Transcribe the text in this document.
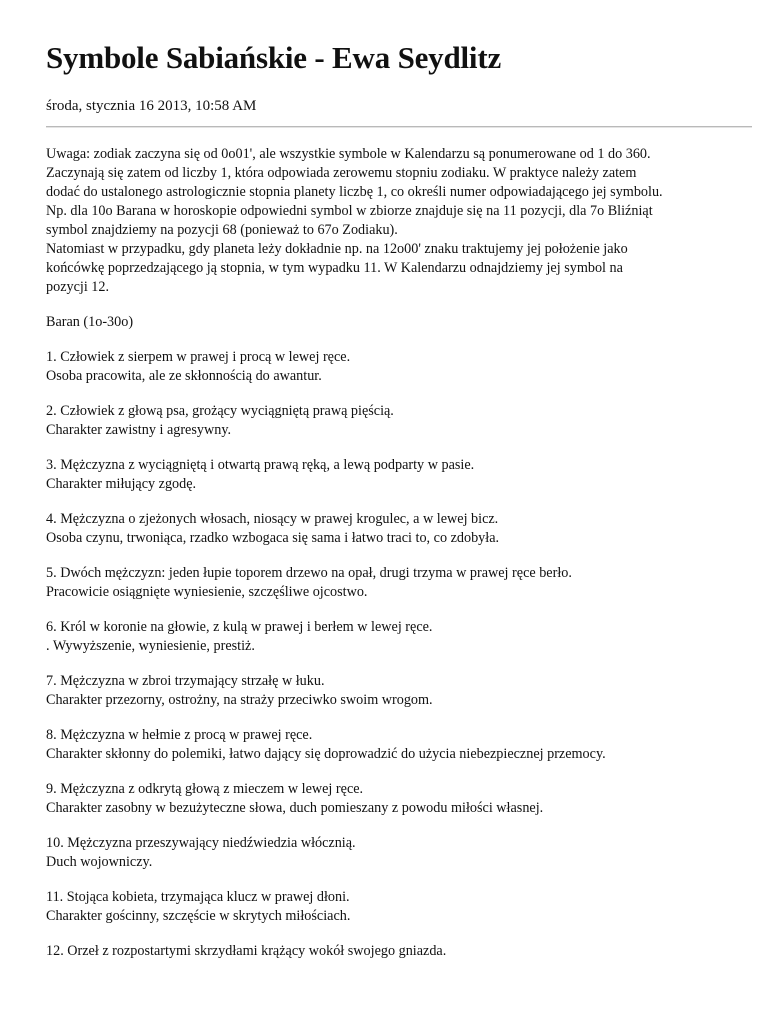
Symbole Sabiańskie - Ewa Seydlitz
środa, stycznia 16 2013, 10:58 AM

Uwaga: zodiak zaczyna się od 0o01', ale wszystkie symbole w Kalendarzu są ponumerowane od 1 do 360.
Zaczynają się zatem od liczby 1, która odpowiada zerowemu stopniu zodiaku. W praktyce należy zatem
dodać do ustalonego astrologicznie stopnia planety liczbę 1, co określi numer odpowiadającego jej symbolu.
Np. dla 10o Barana w horoskopie odpowiedni symbol w zbiorze znajduje się na 11 pozycji, dla 7o Bliźniąt
symbol znajdziemy na pozycji 68 (ponieważ to 67o Zodiaku).

Natomiast w przypadku, gdy planeta leży dokładnie np. na 12o00' znaku traktujemy jej położenie jako
końcówkę poprzedzającego ją stopnia, w tym wypadku 11. W Kalendarzu odnajdziemy jej symbol na
pozycji 12.

Baran (1o-30o)
1. Człowiek z sierpem w prawej i procą w lewej ręce.
Osoba pracowita, ale ze skłonnością do awantur.
2. Człowiek z głową psa, grożący wyciągniętą prawą pięścią.
Charakter zawistny i agresywny.
3. Mężczyzna z wyciągniętą i otwartą prawą ręką, a lewą podparty w pasie.
Charakter miłujący zgodę.
4. Mężczyzna o zjeżonych włosach, niosący w prawej krogulec, a w lewej bicz.
Osoba czynu, trwoniąca, rzadko wzbogaca się sama i łatwo traci to, co zdobyła.
5. Dwóch mężczyzn: jeden łupie toporem drzewo na opał, drugi trzyma w prawej ręce berło.
Pracowicie osiągnięte wyniesienie, szczęśliwe ojcostwo.
6. Król w koronie na głowie, z kulą w prawej i berłem w lewej ręce.
. Wywyższenie, wyniesienie, prestiż.
7. Mężczyzna w zbroi trzymający strzałę w łuku.
Charakter przezorny, ostrożny, na straży przeciwko swoim wrogom.
8. Mężczyzna w hełmie z procą w prawej ręce.
Charakter skłonny do polemiki, łatwo dający się doprowadzić do użycia niebezpiecznej przemocy.
9. Mężczyzna z odkrytą głową z mieczem w lewej ręce.
Charakter zasobny w bezużyteczne słowa, duch pomieszany z powodu miłości własnej.
10. Mężczyzna przeszywający niedźwiedzia włócznią.
Duch wojowniczy.
11. Stojąca kobieta, trzymająca klucz w prawej dłoni.
Charakter gościnny, szczęście w skrytych miłościach.
12. Orzeł z rozpostartymi skrzydłami krążący wokół swojego gniazda.
